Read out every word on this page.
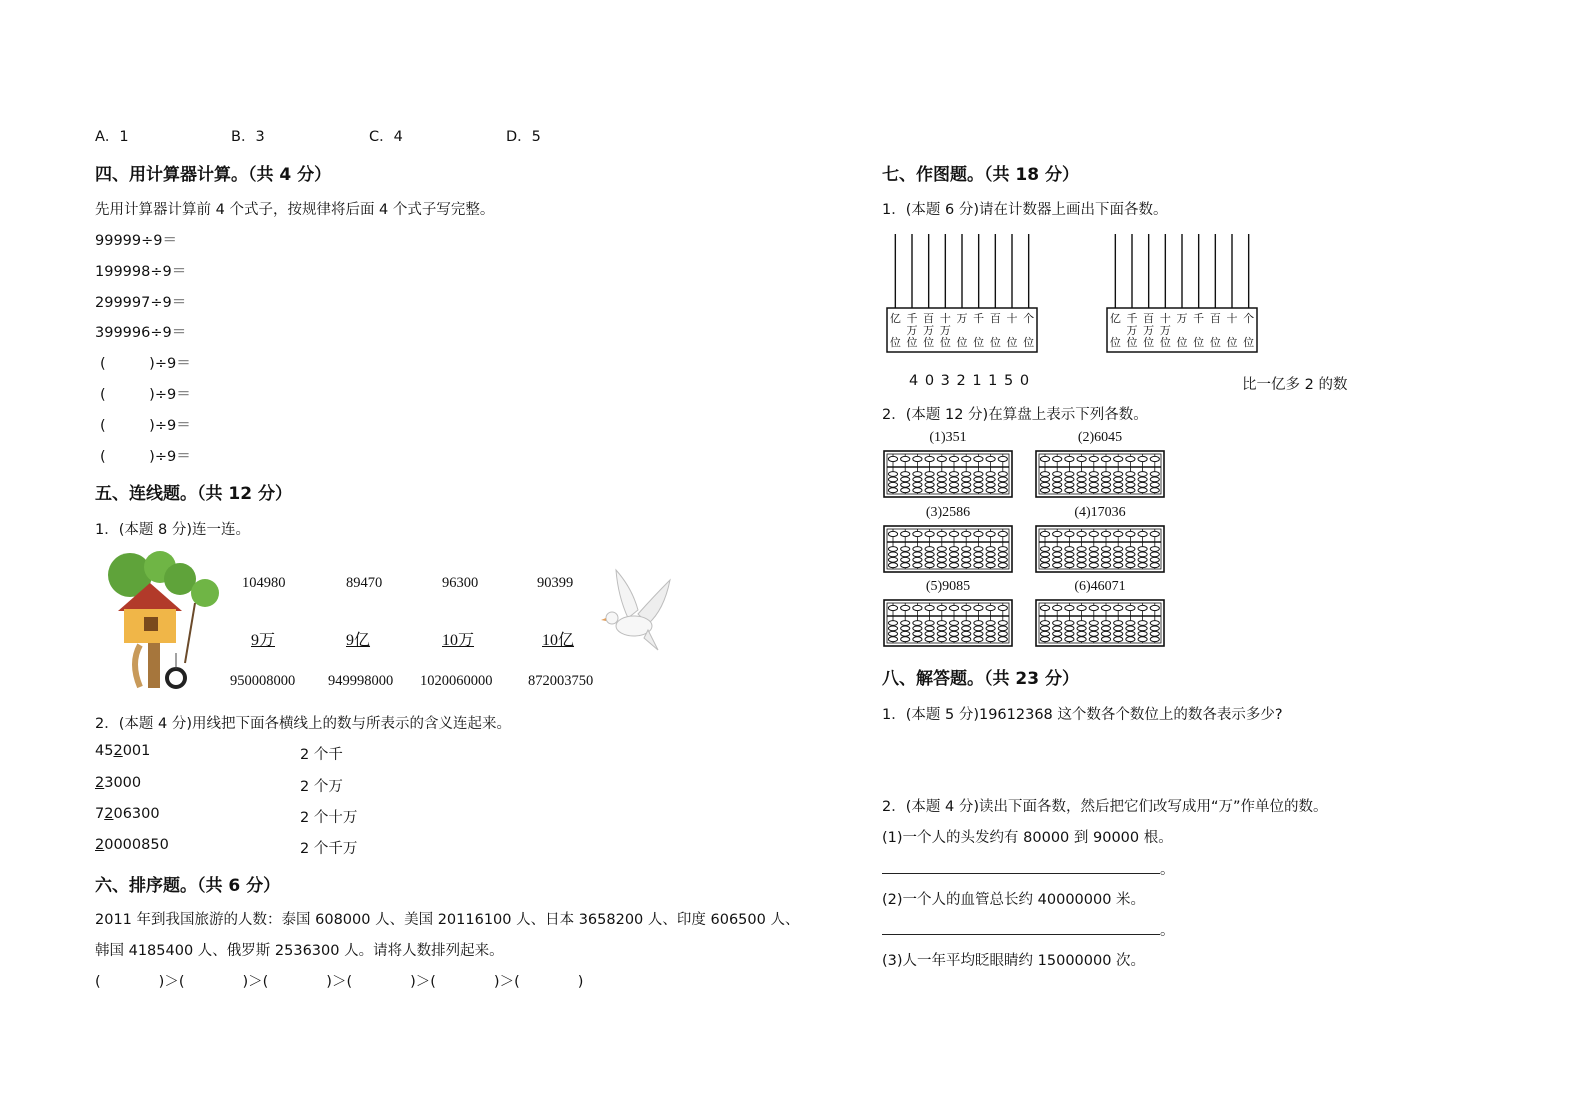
A．1	B．3	C．4	D．5
四、用计算器计算。（共 4 分）
先用计算器计算前 4 个式子，按规律将后面 4 个式子写完整。
99999÷9＝
199998÷9＝
299997÷9＝
399996÷9＝
(　　　)÷9＝
(　　　)÷9＝
(　　　)÷9＝
(　　　)÷9＝
五、连线题。（共 12 分）
1．(本题 8 分)连一连。
104980	89470	96300	90399
9万	9亿	10万	10亿
950008000 949998000 1020060000 872003750
2．(本题 4 分)用线把下面各横线上的数与所表示的含义连起来。
452001
23000
7206300
20000850
2 个千
2 个万
2 个十万
2 个千万
六、排序题。（共 6 分）
2011 年到我国旅游的人数：泰国 608000 人、美国 20116100 人、日本 3658200 人、印度 606500 人、
韩国 4185400 人、俄罗斯 2536300 人。请将人数排列起来。
(　　　　)＞(　　　　)＞(　　　　)＞(　　　　)＞(　　　　)＞(　　　　)
七、作图题。（共 18 分）
1．(本题 6 分)请在计数器上画出下面各数。
亿
位
千
万
位
百
万
位
十
万
位
万
位
千
位
百
位
十
位
个
位
亿
位
千
万
位
百
万
位
十
万
位
万
位
千
位
百
位
十
位
个
位
4 0 3 2 1 1 5 0	比一亿多 2 的数
2．(本题 12 分)在算盘上表示下列各数。
(1)351	(2)6045
(3)2586	(4)17036
(5)9085	(6)46071
八、解答题。（共 23 分）
1．(本题 5 分)19612368 这个数各个数位上的数各表示多少?
2．(本题 4 分)读出下面各数，然后把它们改写成用“万”作单位的数。
(1)一个人的头发约有 80000 到 90000 根。
。
(2)一个人的血管总长约 40000000 米。
。
(3)人一年平均眨眼睛约 15000000 次。
